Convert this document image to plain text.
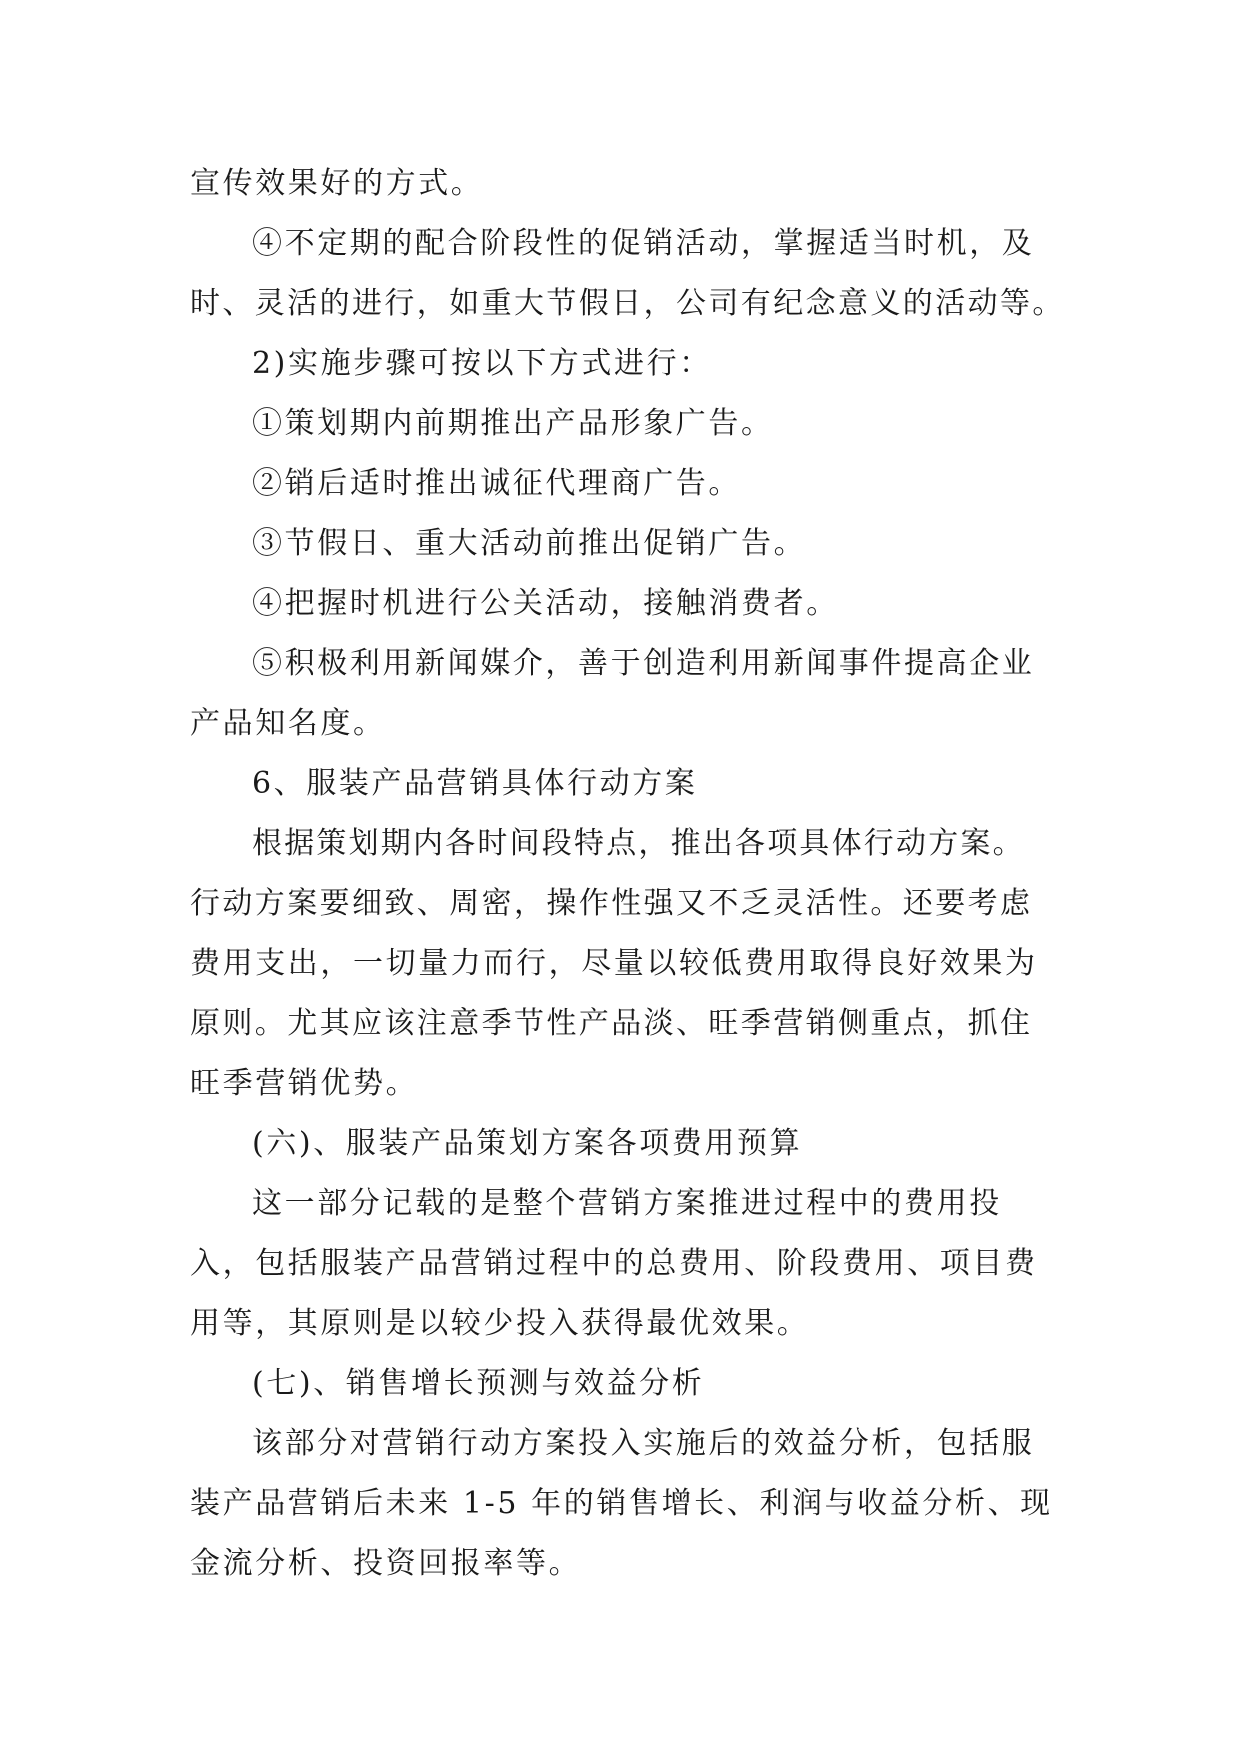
宣传效果好的方式。

④不定期的配合阶段性的促销活动，掌握适当时机，及

时、灵活的进行，如重大节假日，公司有纪念意义的活动等。

2)实施步骤可按以下方式进行：

①策划期内前期推出产品形象广告。

②销后适时推出诚征代理商广告。

③节假日、重大活动前推出促销广告。

④把握时机进行公关活动，接触消费者。

⑤积极利用新闻媒介，善于创造利用新闻事件提高企业

产品知名度。

6、服装产品营销具体行动方案

根据策划期内各时间段特点，推出各项具体行动方案。

行动方案要细致、周密，操作性强又不乏灵活性。还要考虑

费用支出，一切量力而行，尽量以较低费用取得良好效果为

原则。尤其应该注意季节性产品淡、旺季营销侧重点，抓住

旺季营销优势。

(六)、服装产品策划方案各项费用预算

这一部分记载的是整个营销方案推进过程中的费用投

入，包括服装产品营销过程中的总费用、阶段费用、项目费

用等，其原则是以较少投入获得最优效果。

(七)、销售增长预测与效益分析

该部分对营销行动方案投入实施后的效益分析，包括服

装产品营销后未来 1-5 年的销售增长、利润与收益分析、现

金流分析、投资回报率等。
